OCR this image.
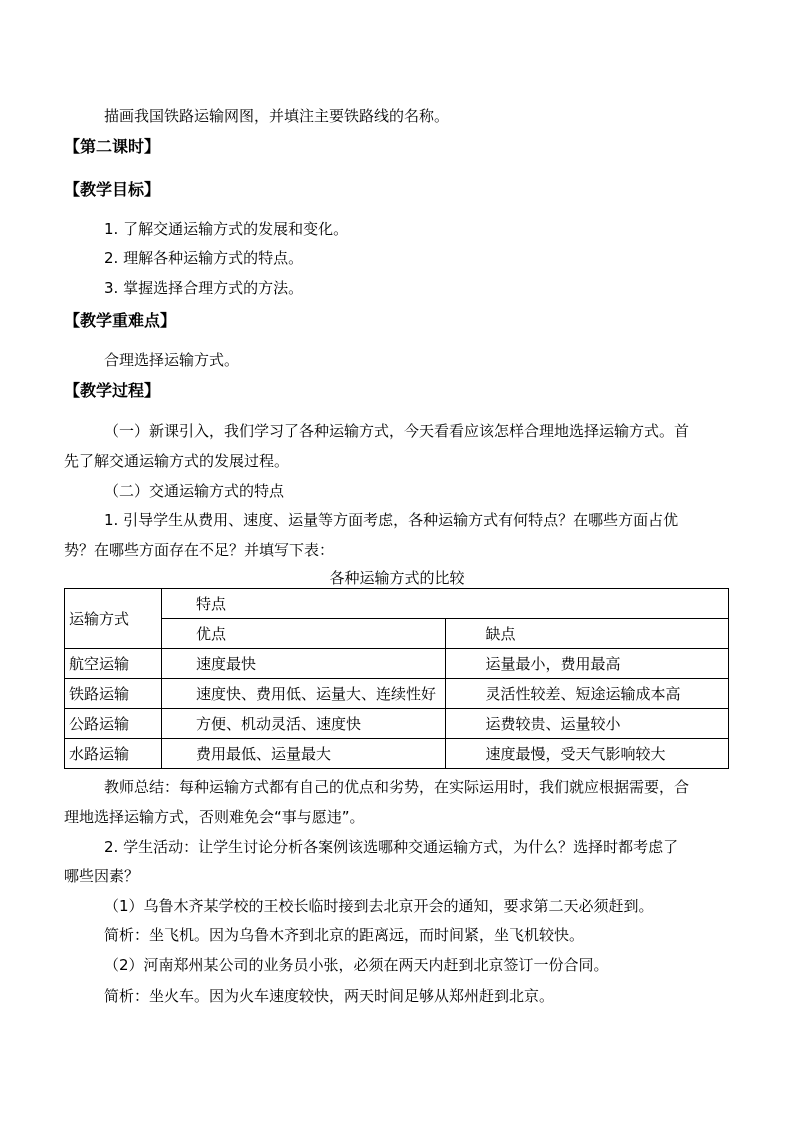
描画我国铁路运输网图，并填注主要铁路线的名称。
【第二课时】
【教学目标】
1. 了解交通运输方式的发展和变化。
2. 理解各种运输方式的特点。
3. 掌握选择合理方式的方法。
【教学重难点】
合理选择运输方式。
【教学过程】
（一）新课引入，我们学习了各种运输方式，今天看看应该怎样合理地选择运输方式。首
先了解交通运输方式的发展过程。
（二）交通运输方式的特点
1. 引导学生从费用、速度、运量等方面考虑，各种运输方式有何特点？在哪些方面占优
势？在哪些方面存在不足？并填写下表：
各种运输方式的比较
运输方式	特点	
	优点	缺点
航空运输	速度最快	运量最小，费用最高
铁路运输	速度快、费用低、运量大、连续性好	灵活性较差、短途运输成本高
公路运输	方便、机动灵活、速度快	运费较贵、运量较小
水路运输	费用最低、运量最大	速度最慢，受天气影响较大
教师总结：每种运输方式都有自己的优点和劣势，在实际运用时，我们就应根据需要，合
理地选择运输方式，否则难免会“事与愿违”。
2. 学生活动：让学生讨论分析各案例该选哪种交通运输方式，为什么？选择时都考虑了
哪些因素？
（1）乌鲁木齐某学校的王校长临时接到去北京开会的通知，要求第二天必须赶到。
简析：坐飞机。因为乌鲁木齐到北京的距离远，而时间紧，坐飞机较快。
（2）河南郑州某公司的业务员小张，必须在两天内赶到北京签订一份合同。
简析：坐火车。因为火车速度较快，两天时间足够从郑州赶到北京。
